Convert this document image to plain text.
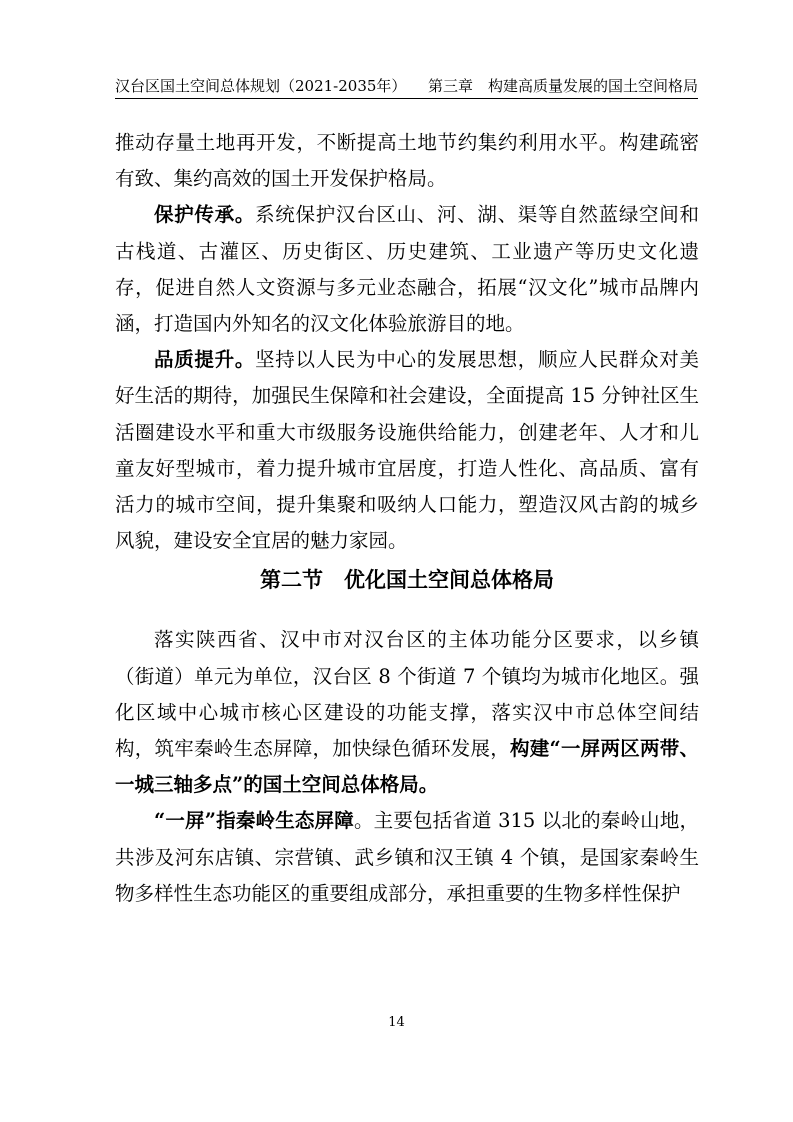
汉台区国土空间总体规划（2021-2035年） 第三章　构建高质量发展的国土空间格局

推动存量土地再开发，不断提高土地节约集约利用水平。构建疏密有致、集约高效的国土开发保护格局。

保护传承。系统保护汉台区山、河、湖、渠等自然蓝绿空间和古栈道、古灌区、历史街区、历史建筑、工业遗产等历史文化遗存，促进自然人文资源与多元业态融合，拓展“汉文化”城市品牌内涵，打造国内外知名的汉文化体验旅游目的地。

品质提升。坚持以人民为中心的发展思想，顺应人民群众对美好生活的期待，加强民生保障和社会建设，全面提高 15 分钟社区生活圈建设水平和重大市级服务设施供给能力，创建老年、人才和儿童友好型城市，着力提升城市宜居度，打造人性化、高品质、富有活力的城市空间，提升集聚和吸纳人口能力，塑造汉风古韵的城乡风貌，建设安全宜居的魅力家园。

第二节　优化国土空间总体格局

落实陕西省、汉中市对汉台区的主体功能分区要求，以乡镇（街道）单元为单位，汉台区 8 个街道 7 个镇均为城市化地区。强化区域中心城市核心区建设的功能支撑，落实汉中市总体空间结构，筑牢秦岭生态屏障，加快绿色循环发展，构建“一屏两区两带、一城三轴多点”的国土空间总体格局。

“一屏”指秦岭生态屏障。主要包括省道 315 以北的秦岭山地，共涉及河东店镇、宗营镇、武乡镇和汉王镇 4 个镇，是国家秦岭生物多样性生态功能区的重要组成部分，承担重要的生物多样性保护

14
